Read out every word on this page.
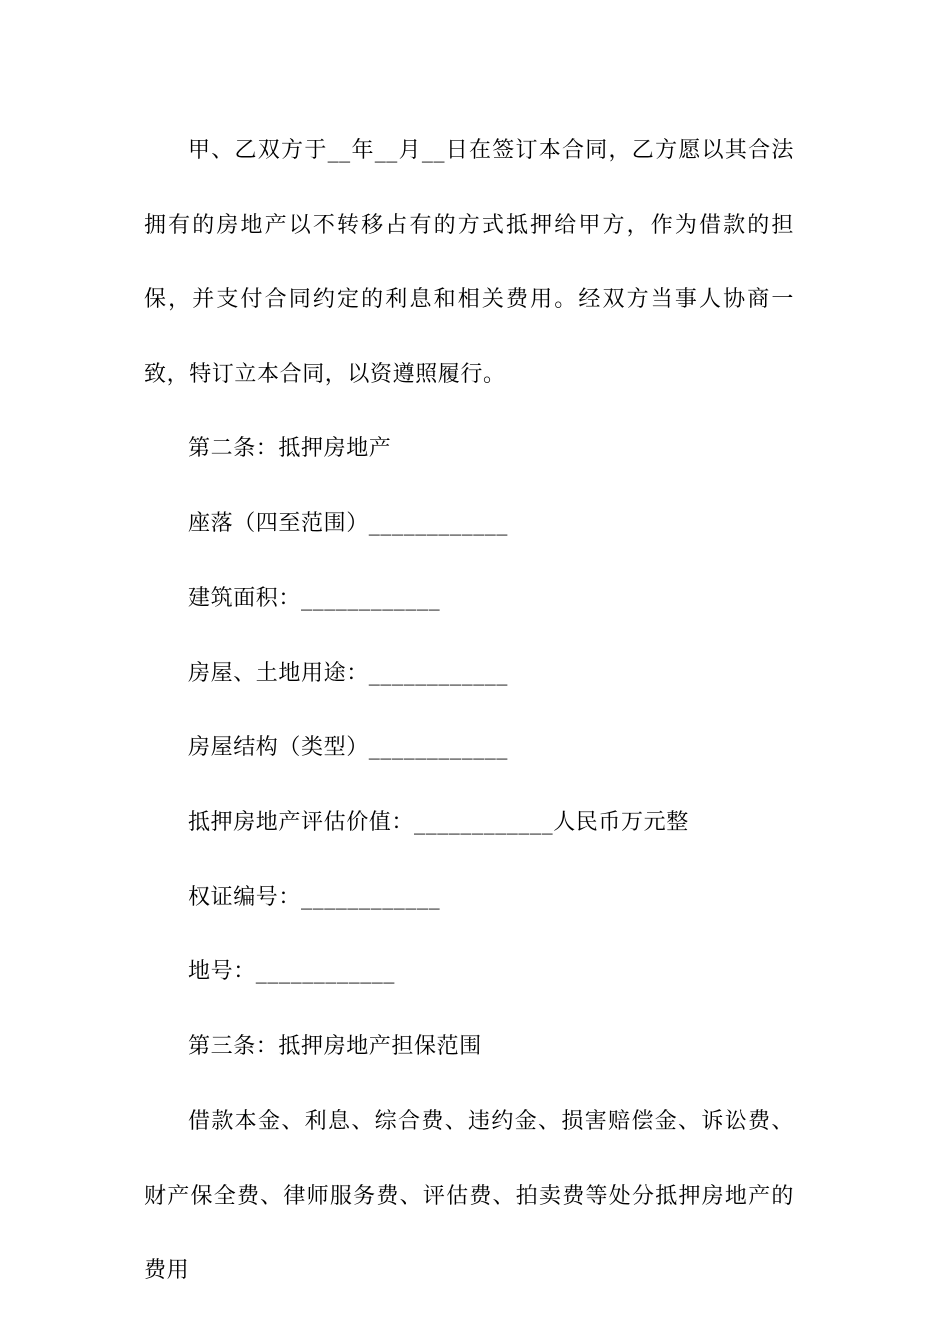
甲、乙双方于__年__月__日在签订本合同，乙方愿以其合法拥有的房地产以不转移占有的方式抵押给甲方，作为借款的担保，并支付合同约定的利息和相关费用。经双方当事人协商一致，特订立本合同，以资遵照履行。

第二条：抵押房地产

座落（四至范围）____________

建筑面积：____________

房屋、土地用途：____________

房屋结构（类型）____________

抵押房地产评估价值：____________人民币万元整

权证编号：____________

地号：____________

第三条：抵押房地产担保范围

借款本金、利息、综合费、违约金、损害赔偿金、诉讼费、财产保全费、律师服务费、评估费、拍卖费等处分抵押房地产的费用
